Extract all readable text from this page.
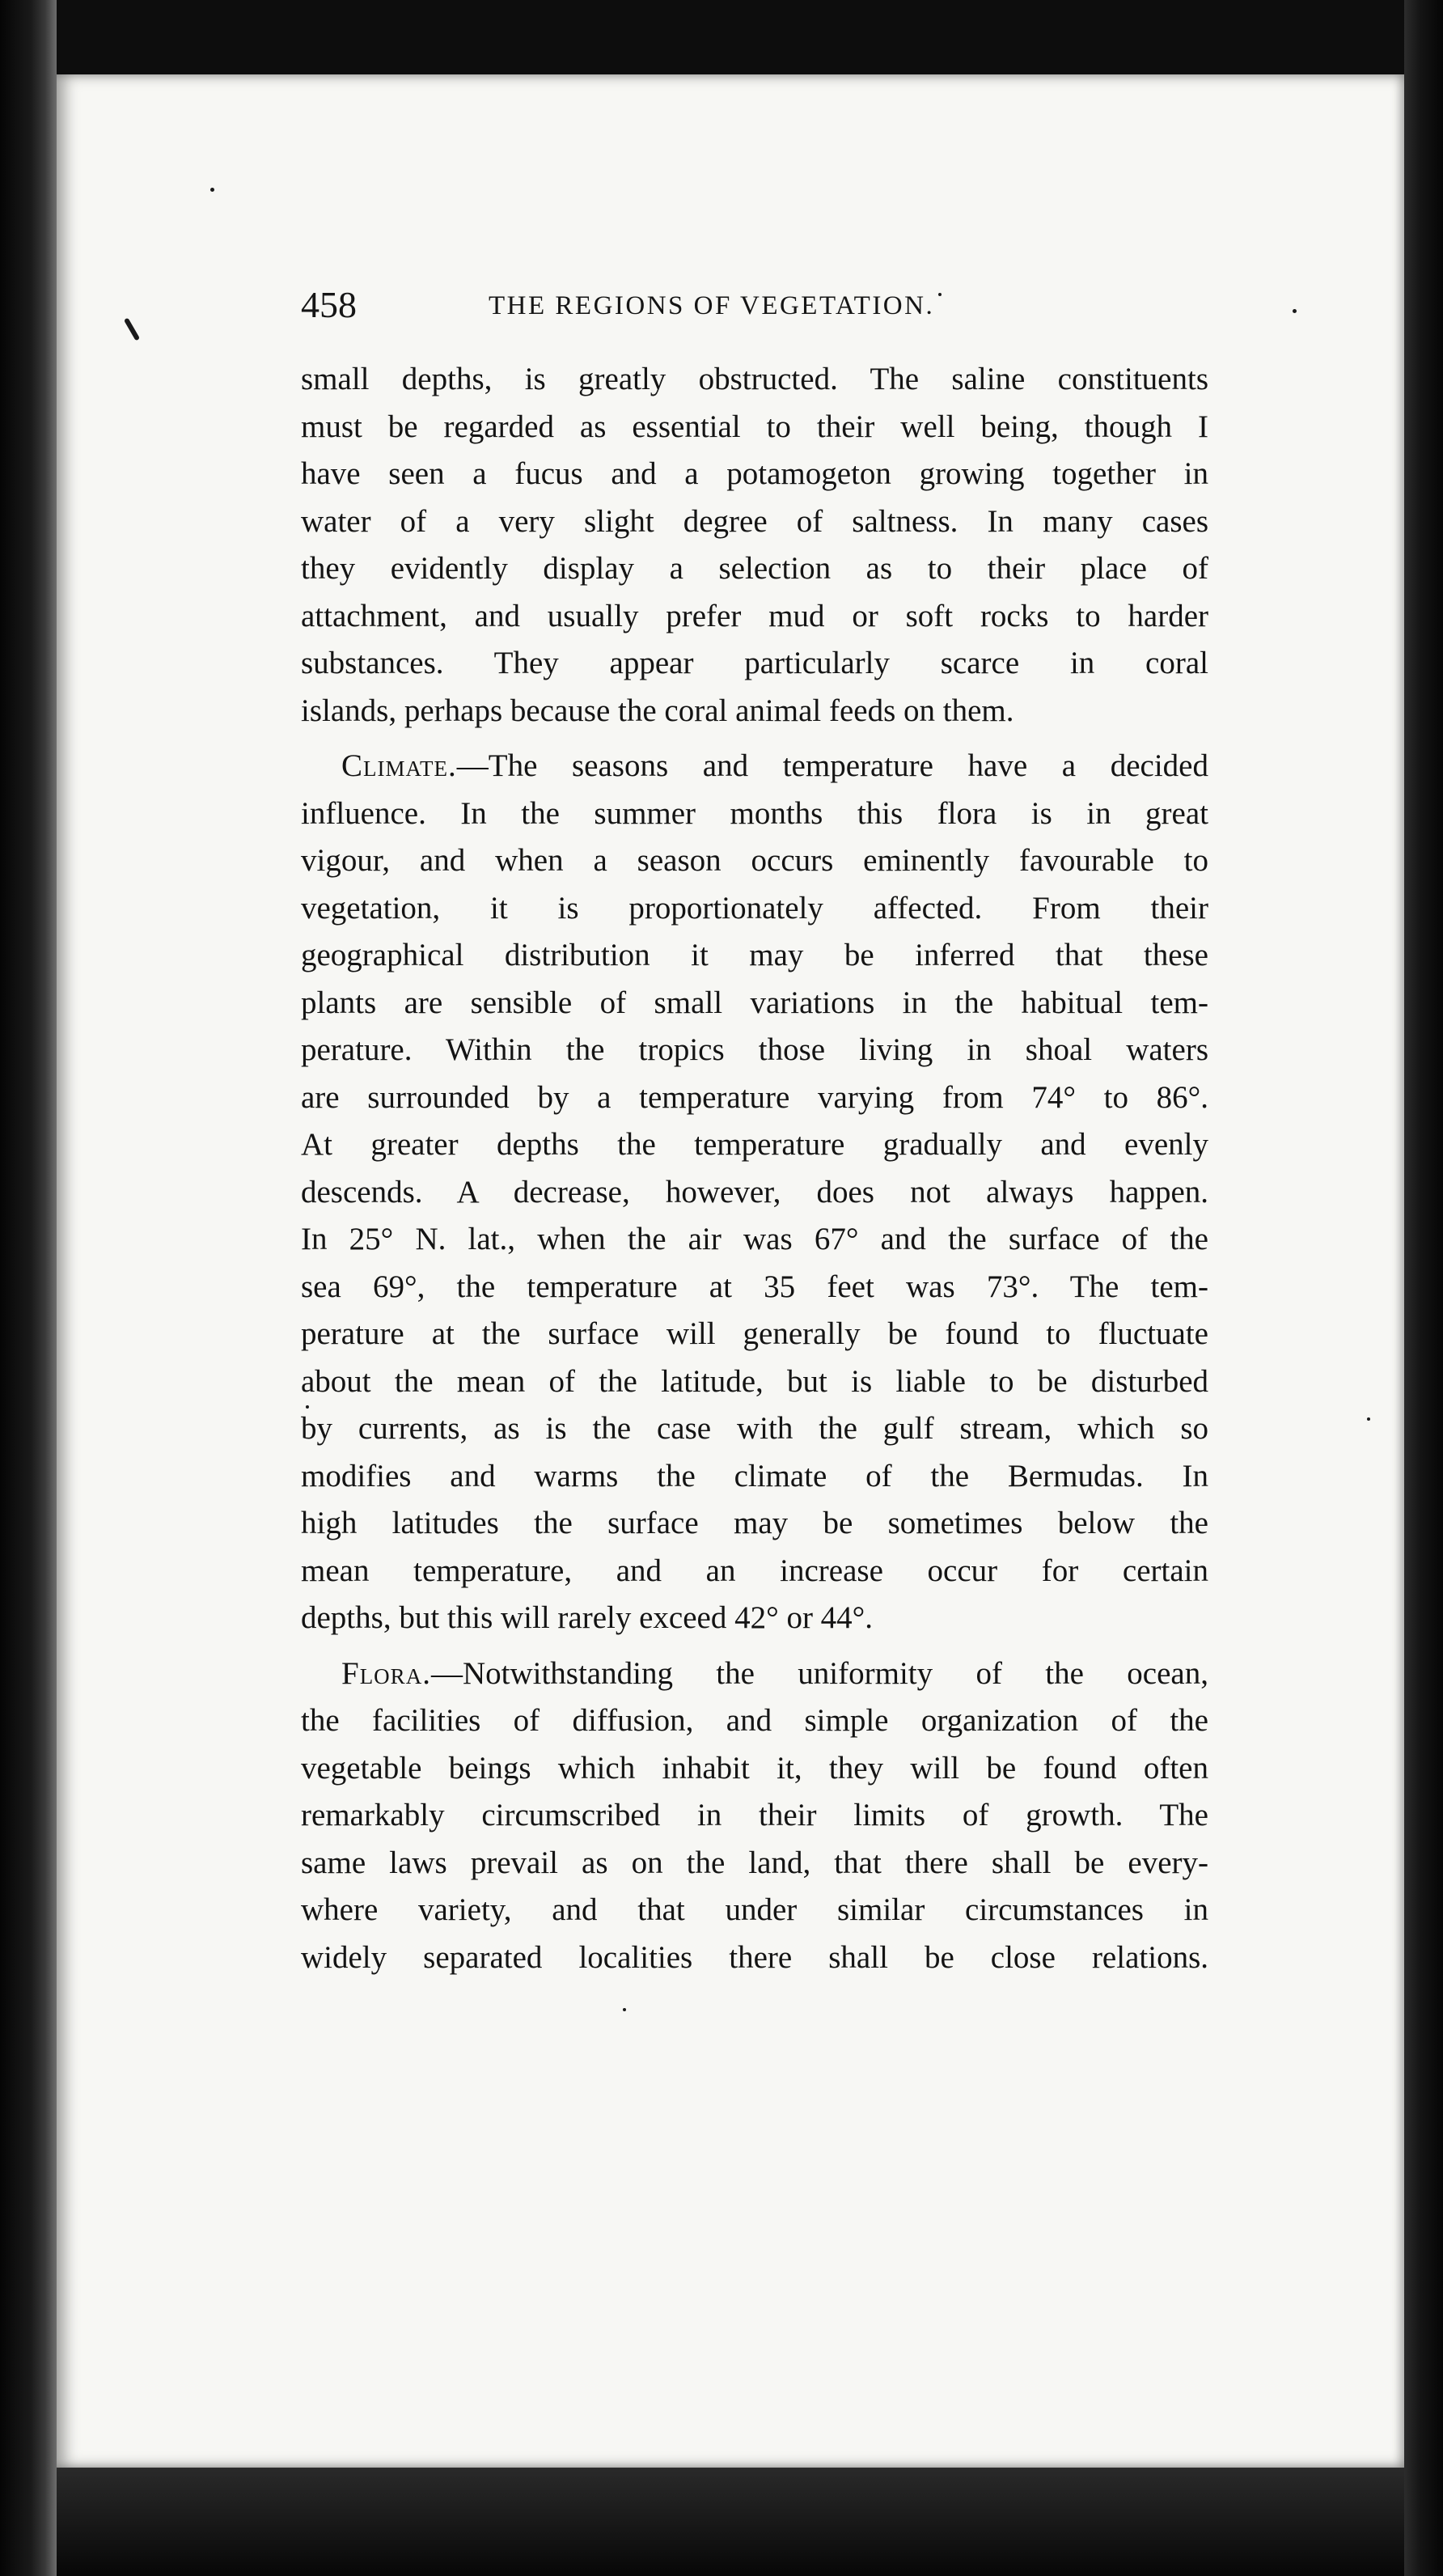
458	THE REGIONS OF VEGETATION.
small depths, is greatly obstructed. The saline constituents
must be regarded as essential to their well being, though I
have seen a fucus and a potamogeton growing together in
water of a very slight degree of saltness. In many cases
they evidently display a selection as to their place of
attachment, and usually prefer mud or soft rocks to harder
substances. They appear particularly scarce in coral
islands, perhaps because the coral animal feeds on them.
Climate.—The seasons and temperature have a decided
influence. In the summer months this flora is in great
vigour, and when a season occurs eminently favourable to
vegetation, it is proportionately affected. From their
geographical distribution it may be inferred that these
plants are sensible of small variations in the habitual tem-
perature. Within the tropics those living in shoal waters
are surrounded by a temperature varying from 74° to 86°.
At greater depths the temperature gradually and evenly
descends. A decrease, however, does not always happen.
In 25° N. lat., when the air was 67° and the surface of the
sea 69°, the temperature at 35 feet was 73°. The tem-
perature at the surface will generally be found to fluctuate
about the mean of the latitude, but is liable to be disturbed
by currents, as is the case with the gulf stream, which so
modifies and warms the climate of the Bermudas. In
high latitudes the surface may be sometimes below the
mean temperature, and an increase occur for certain
depths, but this will rarely exceed 42° or 44°.
Flora.—Notwithstanding the uniformity of the ocean,
the facilities of diffusion, and simple organization of the
vegetable beings which inhabit it, they will be found often
remarkably circumscribed in their limits of growth. The
same laws prevail as on the land, that there shall be every-
where variety, and that under similar circumstances in
widely separated localities there shall be close relations.
